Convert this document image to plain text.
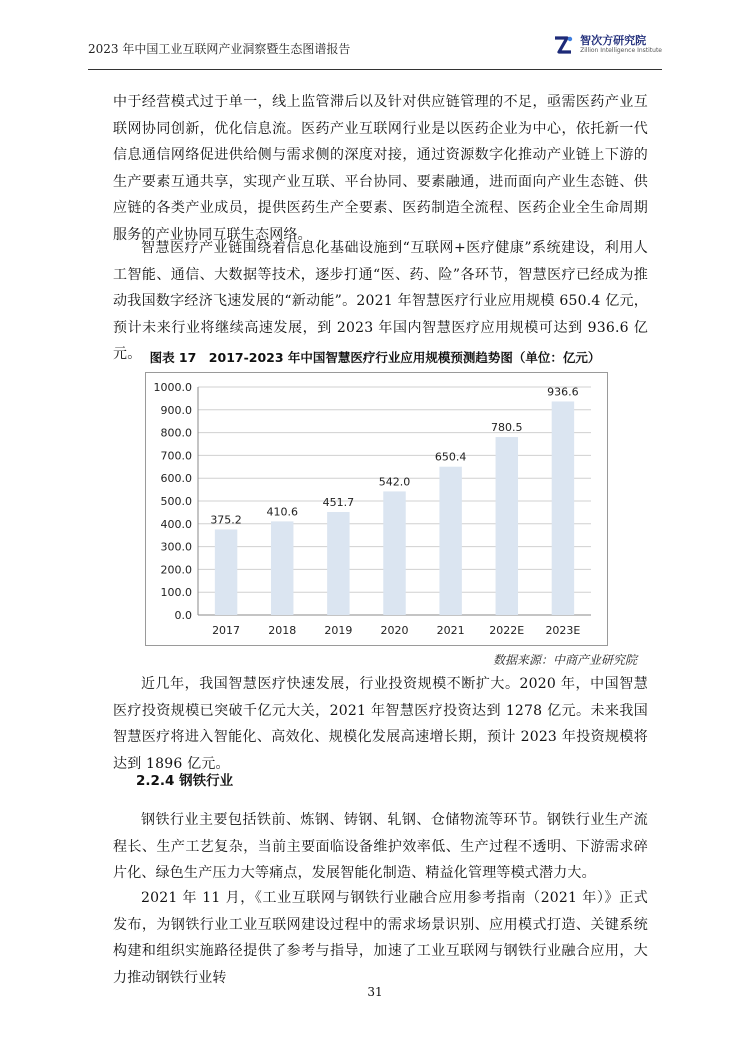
2023 年中国工业互联网产业洞察暨生态图谱报告
智次方研究院
Zillion Intelligence Institute

中于经营模式过于单一，线上监管滞后以及针对供应链管理的不足，亟需医药产业互联网协同创新，优化信息流。医药产业互联网行业是以医药企业为中心，依托新一代信息通信网络促进供给侧与需求侧的深度对接，通过资源数字化推动产业链上下游的生产要素互通共享，实现产业互联、平台协同、要素融通，进而面向产业生态链、供应链的各类产业成员，提供医药生产全要素、医药制造全流程、医药企业全生命周期服务的产业协同互联生态网络。

智慧医疗产业链围绕着信息化基础设施到“互联网+医疗健康”系统建设，利用人工智能、通信、大数据等技术，逐步打通“医、药、险”各环节，智慧医疗已经成为推动我国数字经济飞速发展的“新动能”。2021 年智慧医疗行业应用规模 650.4 亿元，预计未来行业将继续高速发展，到 2023 年国内智慧医疗应用规模可达到 936.6 亿元。 图表 17　2017-2023 年中国智慧医疗行业应用规模预测趋势图（单位：亿元）
0.0
100.0
200.0
300.0
400.0
500.0
600.0
700.0
800.0
900.0
1000.0
375.2
2017
410.6
2018
451.7
2019
542.0
2020
650.4
2021
780.5
2022E
936.6
2023E
数据来源：中商产业研究院

近几年，我国智慧医疗快速发展，行业投资规模不断扩大。2020 年，中国智慧医疗投资规模已突破千亿元大关，2021 年智慧医疗投资达到 1278 亿元。未来我国智慧医疗将进入智能化、高效化、规模化发展高速增长期，预计 2023 年投资规模将达到 1896 亿元。

2.2.4 钢铁行业

钢铁行业主要包括铁前、炼钢、铸钢、轧钢、仓储物流等环节。钢铁行业生产流程长、生产工艺复杂，当前主要面临设备维护效率低、生产过程不透明、下游需求碎片化、绿色生产压力大等痛点，发展智能化制造、精益化管理等模式潜力大。

2021 年 11 月，《工业互联网与钢铁行业融合应用参考指南（2021 年）》正式发布，为钢铁行业工业互联网建设过程中的需求场景识别、应用模式打造、关键系统构建和组织实施路径提供了参考与指导，加速了工业互联网与钢铁行业融合应用，大力推动钢铁行业转

31
